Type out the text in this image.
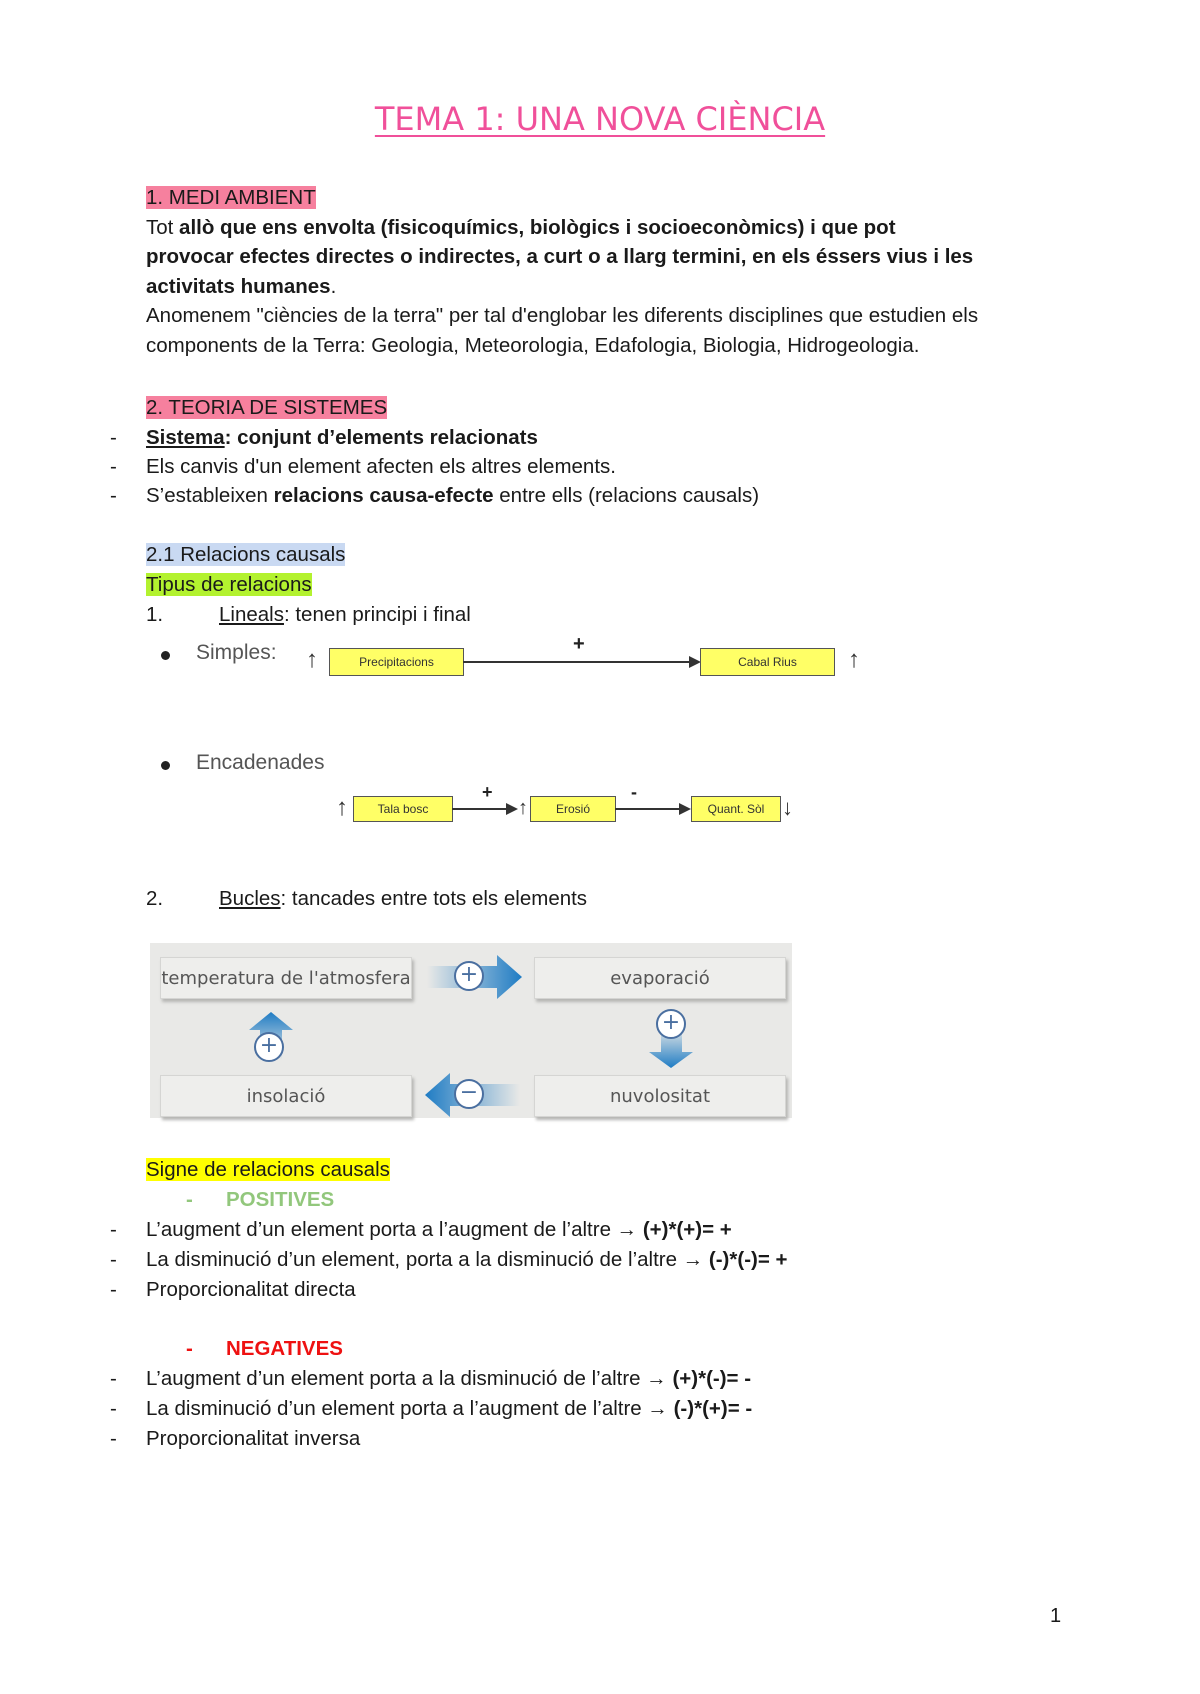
TEMA 1: UNA NOVA CIÈNCIA
1. MEDI AMBIENT
Tot allò que ens envolta (fisicoquímics, biològics i socioeconòmics) i que pot
provocar efectes directes o indirectes, a curt o a llarg termini, en els éssers vius i les
activitats humanes.
Anomenem "ciències de la terra" per tal d'englobar les diferents disciplines que estudien els
components de la Terra: Geologia, Meteorologia, Edafologia, Biologia, Hidrogeologia.
2. TEORIA DE SISTEMES
- Sistema: conjunt d’elements relacionats
- Els canvis d'un element afecten els altres elements.
- S’estableixen relacions causa-efecte entre ells (relacions causals)
2.1 Relacions causals
Tipus de relacions
1.	Lineals: tenen principi i final
Simples: ↑	Precipitacions
+
Cabal Rius	↑
Encadenades
↑	Tala bosc
+
↑	Erosió
-
Quant. Sòl ↓
2.	Bucles: tancades entre tots els elements
temperatura de l'atmosfera	evaporació
insolació	nuvolositat
+
+
−
+
Signe de relacions causals
- POSITIVES
- L’augment d’un element porta a l’augment de l’altre → (+)*(+)= +
- La disminució d’un element, porta a la disminució de l’altre → (-)*(-)= +
- Proporcionalitat directa
- NEGATIVES
- L’augment d’un element porta a la disminució de l’altre → (+)*(-)= -
- La disminució d’un element porta a l’augment de l’altre → (-)*(+)= -
- Proporcionalitat inversa
1
